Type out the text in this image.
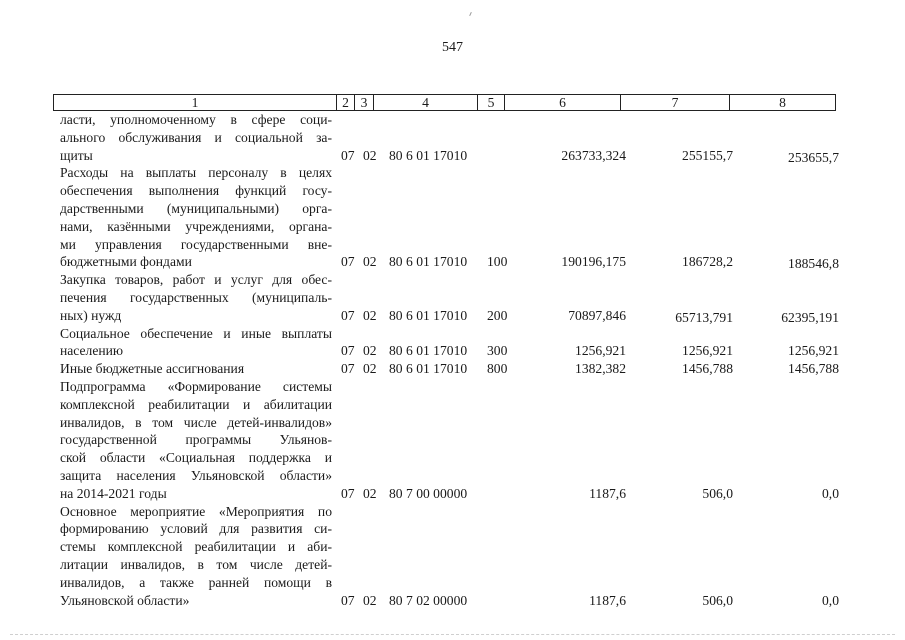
547
1	2 3	4	5	6	7	8
ласти, уполномоченному в сфере соци-
ального обслуживания и социальной за-
щиты	07 02 80 6 01 17010	263733,324	255155,7	253655,7
Расходы на выплаты персоналу в целях
обеспечения выполнения функций госу-
дарственными (муниципальными) орга-
нами, казёнными учреждениями, органа-
ми управления государственными вне-
бюджетными фондами	07 02 80 6 01 17010 100	190196,175	186728,2	188546,8
Закупка товаров, работ и услуг для обес-
печения государственных (муниципаль-
ных) нужд	07 02 80 6 01 17010 200	70897,846	65713,791	62395,191
Социальное обеспечение и иные выплаты
населению	07 02 80 6 01 17010 300	1256,921	1256,921	1256,921
Иные бюджетные ассигнования	07 02 80 6 01 17010 800	1382,382	1456,788	1456,788
Подпрограмма «Формирование системы
комплексной реабилитации и абилитации
инвалидов, в том числе детей-инвалидов»
государственной программы Ульянов-
ской области «Социальная поддержка и
защита населения Ульяновской области»
на 2014-2021 годы	07 02 80 7 00 00000	1187,6	506,0	0,0
Основное мероприятие «Мероприятия по
формированию условий для развития си-
стемы комплексной реабилитации и аби-
литации инвалидов, в том числе детей-
инвалидов, а также ранней помощи в
Ульяновской области»	07 02 80 7 02 00000	1187,6	506,0	0,0
